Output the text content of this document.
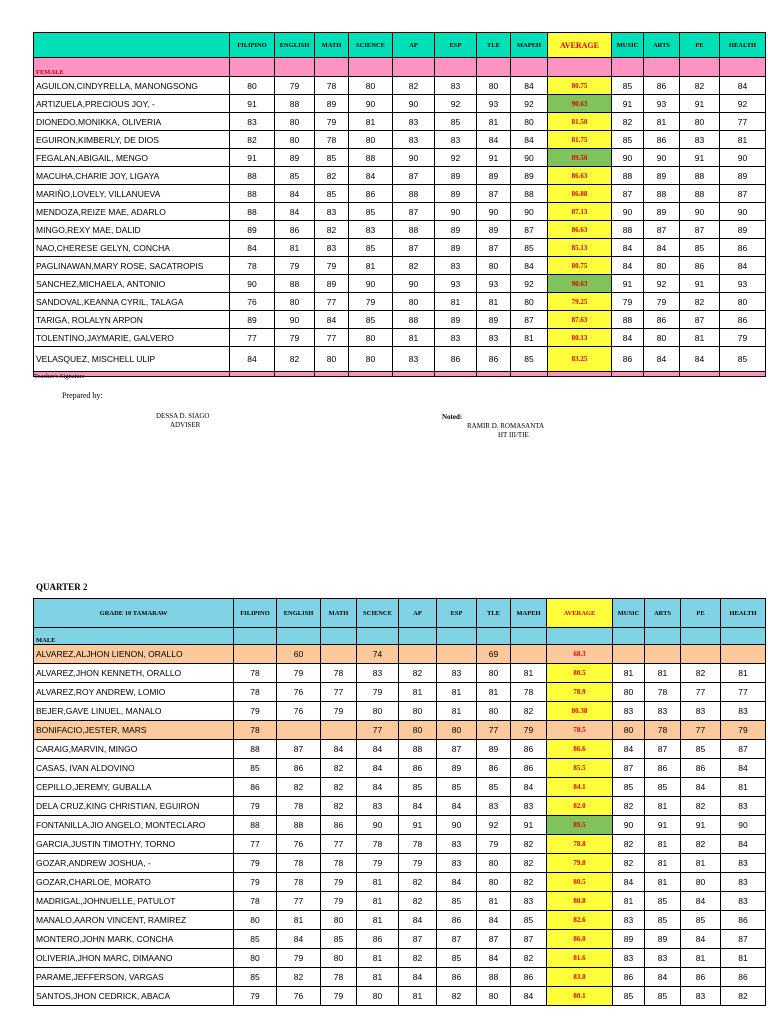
	FILIPINO	ENGLISH	MATH	SCIENCE	AP	ESP	TLE	MAPEH	AVERAGE	MUSIC	ARTS	PE	HEALTH
FEMALE													
AGUILON,CINDYRELLA, MANONGSONG	80	79	78	80	82	83	80	84	80.75	85	86	82	84
ARTIZUELA,PRECIOUS JOY, -	91	88	89	90	90	92	93	92	90.63	91	93	91	92
DIONEDO,MONIKKA, OLIVERIA	83	80	79	81	83	85	81	80	81.50	82	81	80	77
EGUIRON,KIMBERLY, DE DIOS	82	80	78	80	83	83	84	84	81.75	85	86	83	81
FEGALAN,ABIGAIL, MENGO	91	89	85	88	90	92	91	90	89.50	90	90	91	90
MACUHA,CHARIE JOY, LIGAYA	88	85	82	84	87	89	89	89	86.63	88	89	88	89
MARIÑO,LOVELY, VILLANUEVA	88	84	85	86	88	89	87	88	86.88	87	88	88	87
MENDOZA,REIZE MAE, ADARLO	88	84	83	85	87	90	90	90	87.13	90	89	90	90
MINGO,REXY MAE, DALID	89	86	82	83	88	89	89	87	86.63	88	87	87	89
NAO,CHERESE GELYN, CONCHA	84	81	83	85	87	89	87	85	85.13	84	84	85	86
PAGLINAWAN,MARY ROSE, SACATROPIS	78	79	79	81	82	83	80	84	80.75	84	80	86	84
SANCHEZ,MICHAELA, ANTONIO	90	88	89	90	90	93	93	92	90.63	91	92	91	93
SANDOVAL,KEANNA CYRIL, TALAGA	76	80	77	79	80	81	81	80	79.25	79	79	82	80
TARIGA, ROLALYN ARPON	89	90	84	85	88	89	89	87	87.63	88	86	87	86
TOLENTINO,JAYMARIE, GALVERO	77	79	77	80	81	83	83	81	80.13	84	80	81	79
VELASQUEZ, MISCHELL ULIP	84	82	80	80	83	86	86	85	83.25	86	84	84	85

Teacher's Signature
Prepared by:
DESSA D. SIAGO
ADVISER
Noted:
RAMIR D. ROMASANTA
HT III/TIE
QUARTER 2
GRADE 10 TAMARAW	FILIPINO	ENGLISH	MATH	SCIENCE	AP	ESP	TLE	MAPEH	AVERAGE	MUSIC	ARTS	PE	HEALTH
MALE													
ALVAREZ,ALJHON LIENON, ORALLO		60		74			69		68.3				
ALVAREZ,JHON KENNETH, ORALLO	78	79	78	83	82	83	80	81	80.5	81	81	82	81
ALVAREZ,ROY ANDREW, LOMIO	78	76	77	79	81	81	81	78	78.9	80	78	77	77
BEJER,GAVE LINUEL, MANALO	79	76	79	80	80	81	80	82	80.38	83	83	83	83
BONIFACIO,JESTER, MARS	78			77	80	80	77	79	78.5	80	78	77	79
CARAIG,MARVIN, MINGO	88	87	84	84	88	87	89	86	86.6	84	87	85	87
CASAS, IVAN ALDOVINO	85	86	82	84	86	89	86	86	85.5	87	86	86	84
CEPILLO,JEREMY, GUBALLA	86	82	82	84	85	85	85	84	84.1	85	85	84	81
DELA CRUZ,KING CHRISTIAN, EGUIRON	79	78	82	83	84	84	83	83	82.0	82	81	82	83
FONTANILLA,JIO ANGELO, MONTECLARO	88	88	86	90	91	90	92	91	89.5	90	91	91	90
GARCIA,JUSTIN TIMOTHY, TORNO	77	76	77	78	78	83	79	82	78.8	82	81	82	84
GOZAR,ANDREW JOSHUA, -	79	78	78	79	79	83	80	82	79.8	82	81	81	83
GOZAR,CHARLOE, MORATO	79	78	79	81	82	84	80	82	80.5	84	81	80	83
MADRIGAL,JOHNUELLE, PATULOT	78	77	79	81	82	85	81	83	80.8	81	85	84	83
MANALO,AARON VINCENT, RAMIREZ	80	81	80	81	84	86	84	85	82.6	83	85	85	86
MONTERO,JOHN MARK, CONCHA	85	84	85	86	87	87	87	87	86.0	89	89	84	87
OLIVERIA,JHON MARC, DIMAANO	80	79	80	81	82	85	84	82	81.6	83	83	81	81
PARAME,JEFFERSON, VARGAS	85	82	78	81	84	86	88	86	83.8	86	84	86	86
SANTOS,JHON CEDRICK, ABACA	79	76	79	80	81	82	80	84	80.1	85	85	83	82
